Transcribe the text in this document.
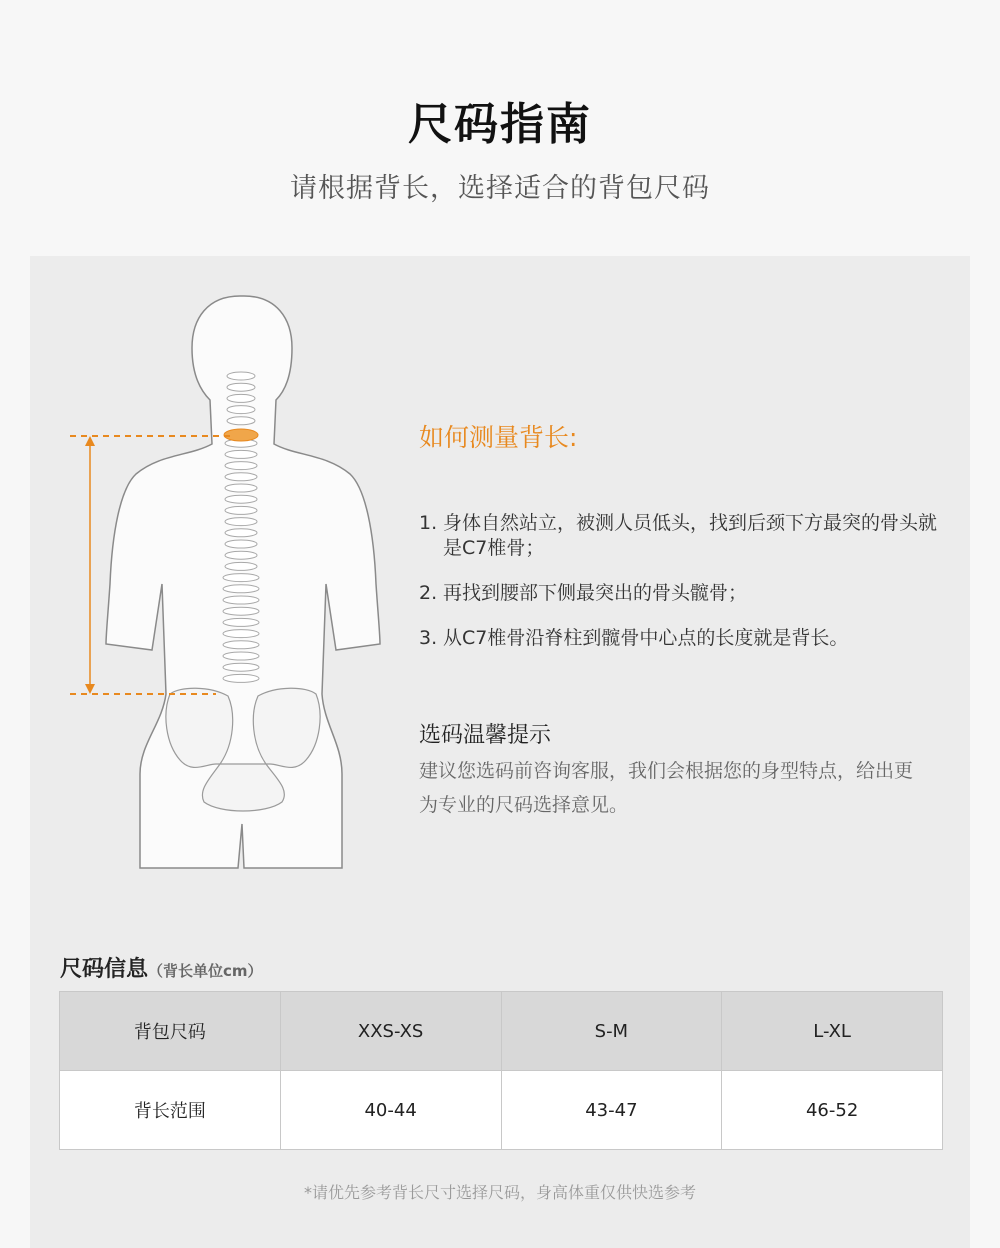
尺码指南
请根据背长，选择适合的背包尺码
如何测量背长:
1. 身体自然站立，被测人员低头，找到后颈下方最突的骨头就是C7椎骨；
2. 再找到腰部下侧最突出的骨头髋骨；
3. 从C7椎骨沿脊柱到髋骨中心点的长度就是背长。
选码温馨提示
建议您选码前咨询客服，我们会根据您的身型特点，给出更为专业的尺码选择意见。
尺码信息（背长单位cm）
背包尺码	XXS-XS	S-M	L-XL
背长范围	40-44	43-47	46-52
*请优先参考背长尺寸选择尺码，身高体重仅供快选参考
